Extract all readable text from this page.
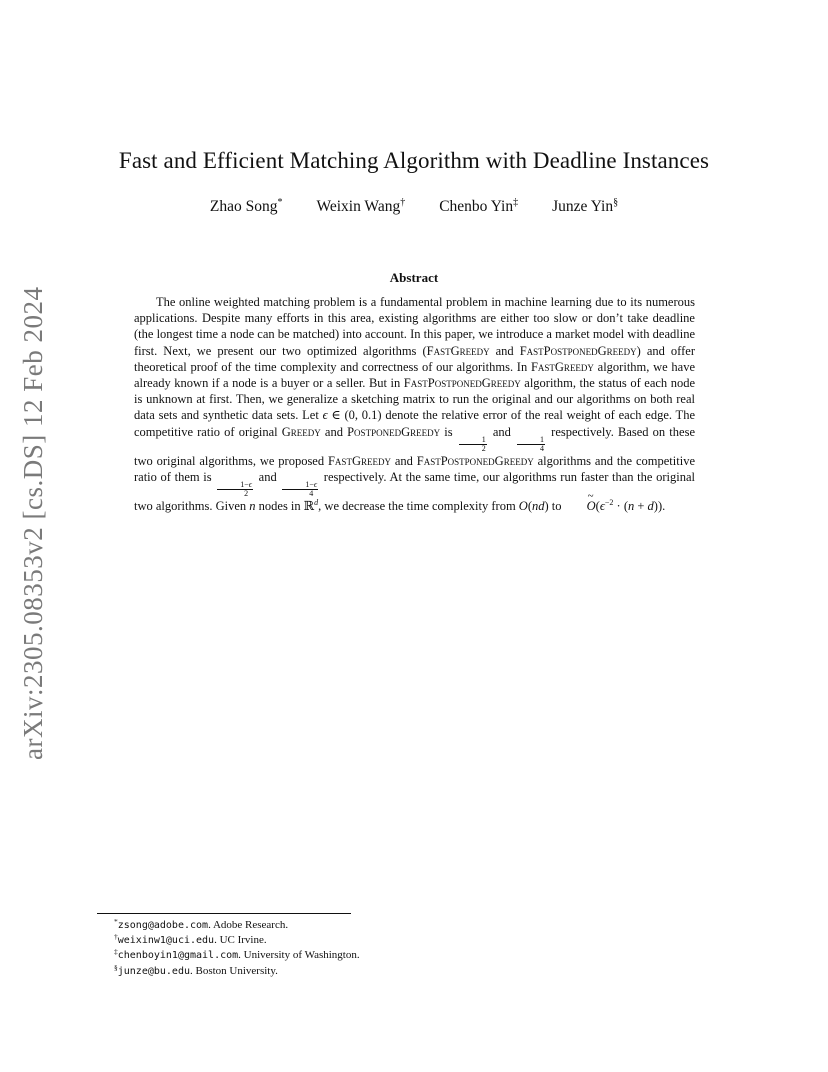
arXiv:2305.08353v2 [cs.DS] 12 Feb 2024
Fast and Efficient Matching Algorithm with Deadline Instances
Zhao Song* Weixin Wang† Chenbo Yin‡ Junze Yin§
Abstract

The online weighted matching problem is a fundamental problem in machine learning due to its numerous applications. Despite many efforts in this area, existing algorithms are either too slow or don’t take deadline (the longest time a node can be matched) into account. In this paper, we introduce a market model with deadline first. Next, we present our two optimized algorithms (FastGreedy and FastPostponedGreedy) and offer theoretical proof of the time complexity and correctness of our algorithms. In FastGreedy algorithm, we have already known if a node is a buyer or a seller. But in FastPostponedGreedy algorithm, the status of each node is unknown at first. Then, we generalize a sketching matrix to run the original and our algorithms on both real data sets and synthetic data sets. Let ϵ ∈ (0, 0.1) denote the relative error of the real weight of each edge. The competitive ratio of original Greedy and PostponedGreedy is
$\frac{1}{2}$
and
$\frac{1}{4}$
respectively. Based on these two original algorithms, we proposed FastGreedy and FastPostponedGreedy algorithms and the competitive ratio of them is
$\frac{1-\epsilon}{2}$
and
$\frac{1-\epsilon}{4}$
respectively. At the same time, our algorithms run faster than the original two algorithms. Given n nodes in ℝ$^d$, we decrease the time complexity from O(nd) to ~ $O(\epsilon^{-2} \cdot (n + d))$.

*zsong@adobe.com. Adobe Research.
†weixinw1@uci.edu. UC Irvine.
‡chenboyin1@gmail.com. University of Washington.
§junze@bu.edu. Boston University.
